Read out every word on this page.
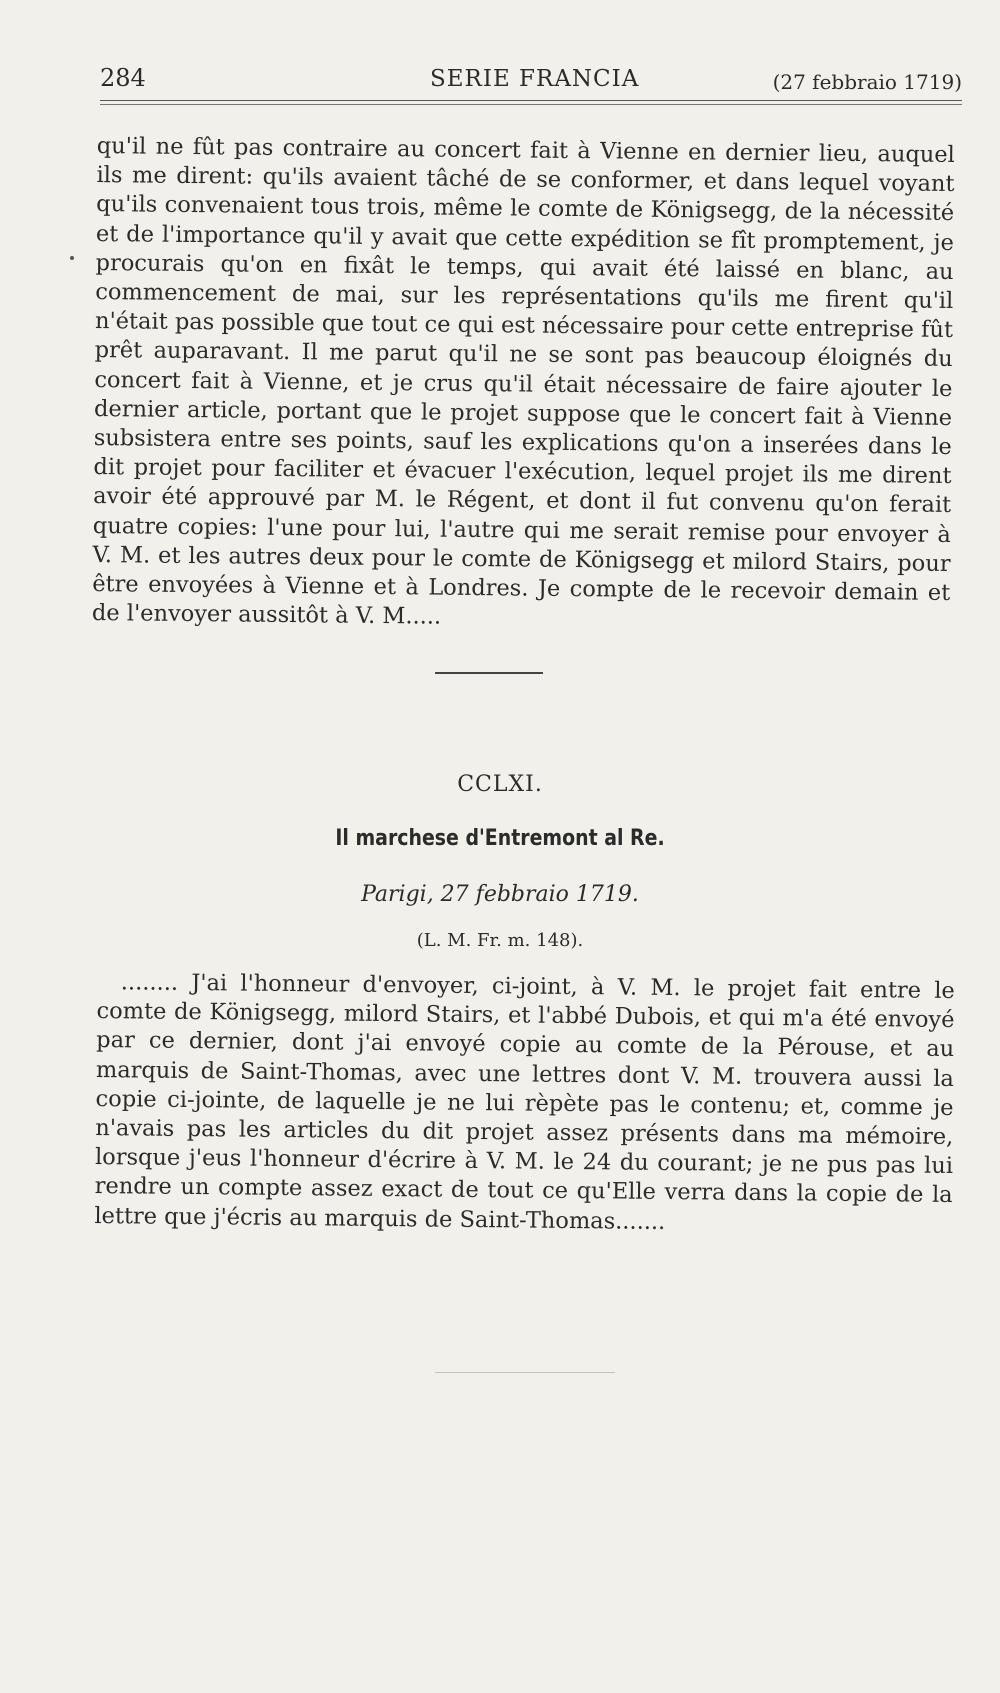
284	SERIE FRANCIA	(27 febbraio 1719)

qu'il ne fût pas contraire au concert fait à Vienne en dernier lieu, auquel ils me dirent: qu'ils avaient tâché de se conformer, et dans lequel voyant qu'ils convenaient tous trois, même le comte de Königsegg, de la nécessité et de l'importance qu'il y avait que cette expédition se fît promptement, je procurais qu'on en fixât le temps, qui avait été laissé en blanc, au commencement de mai, sur les représentations qu'ils me firent qu'il n'était pas possible que tout ce qui est nécessaire pour cette entreprise fût prêt auparavant. Il me parut qu'il ne se sont pas beaucoup éloignés du concert fait à Vienne, et je crus qu'il était nécessaire de faire ajouter le dernier article, portant que le projet suppose que le concert fait à Vienne subsistera entre ses points, sauf les explications qu'on a inserées dans le dit projet pour faciliter et évacuer l'exécution, lequel projet ils me dirent avoir été approuvé par M. le Régent, et dont il fut convenu qu'on ferait quatre copies: l'une pour lui, l'autre qui me serait remise pour envoyer à V. M. et les autres deux pour le comte de Königsegg et milord Stairs, pour être envoyées à Vienne et à Londres. Je compte de le recevoir demain et de l'envoyer aussitôt à V. M.....

CCLXI.
Il marchese d'Entremont al Re.
Parigi, 27 febbraio 1719.
(L. M. Fr. m. 148).

........ J'ai l'honneur d'envoyer, ci-joint, à V. M. le projet fait entre le comte de Königsegg, milord Stairs, et l'abbé Dubois, et qui m'a été envoyé par ce dernier, dont j'ai envoyé copie au comte de la Pérouse, et au marquis de Saint-Thomas, avec une lettres dont V. M. trouvera aussi la copie ci-jointe, de laquelle je ne lui rèpète pas le contenu; et, comme je n'avais pas les articles du dit projet assez présents dans ma mémoire, lorsque j'eus l'honneur d'écrire à V. M. le 24 du courant; je ne pus pas lui rendre un compte assez exact de tout ce qu'Elle verra dans la copie de la lettre que j'écris au marquis de Saint-Thomas.......
